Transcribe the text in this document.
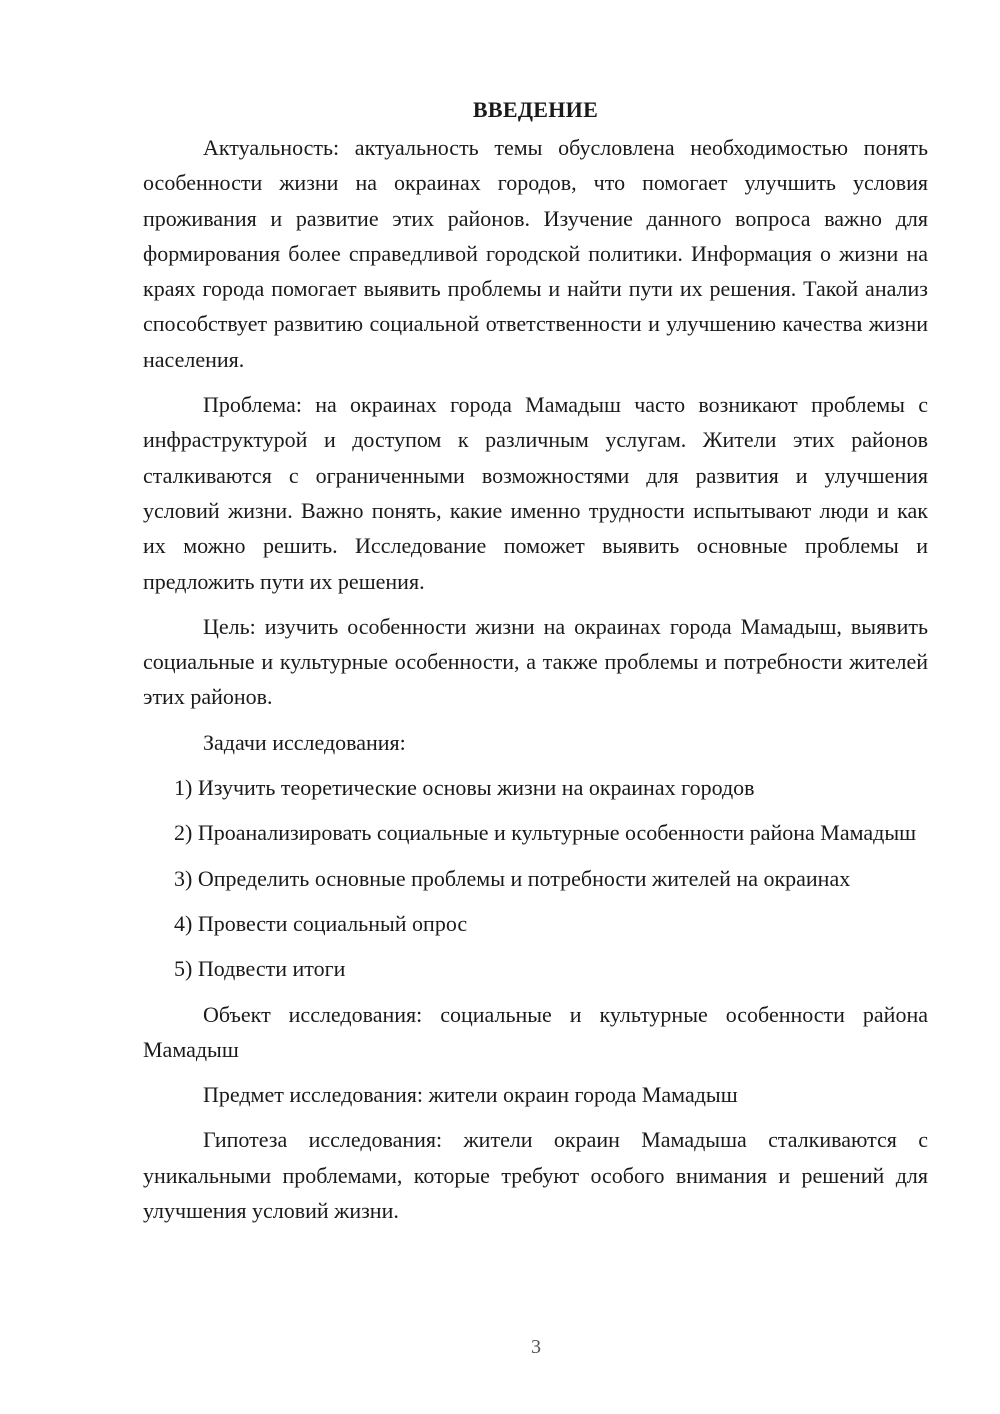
ВВЕДЕНИЕ

Актуальность: актуальность темы обусловлена необходимостью понять особенности жизни на окраинах городов, что помогает улучшить условия проживания и развитие этих районов. Изучение данного вопроса важно для формирования более справедливой городской политики. Информация о жизни на краях города помогает выявить проблемы и найти пути их решения. Такой анализ способствует развитию социальной ответственности и улучшению качества жизни населения.

Проблема: на окраинах города Мамадыш часто возникают проблемы с инфраструктурой и доступом к различным услугам. Жители этих районов сталкиваются с ограниченными возможностями для развития и улучшения условий жизни. Важно понять, какие именно трудности испытывают люди и как их можно решить. Исследование поможет выявить основные проблемы и предложить пути их решения.

Цель: изучить особенности жизни на окраинах города Мамадыш, выявить социальные и культурные особенности, а также проблемы и потребности жителей этих районов.

Задачи исследования:

1) Изучить теоретические основы жизни на окраинах городов

2) Проанализировать социальные и культурные особенности района Мамадыш

3) Определить основные проблемы и потребности жителей на окраинах

4) Провести социальный опрос

5) Подвести итоги

Объект исследования: социальные и культурные особенности района Мамадыш

Предмет исследования: жители окраин города Мамадыш

Гипотеза исследования: жители окраин Мамадыша сталкиваются с уникальными проблемами, которые требуют особого внимания и решений для улучшения условий жизни.

3
